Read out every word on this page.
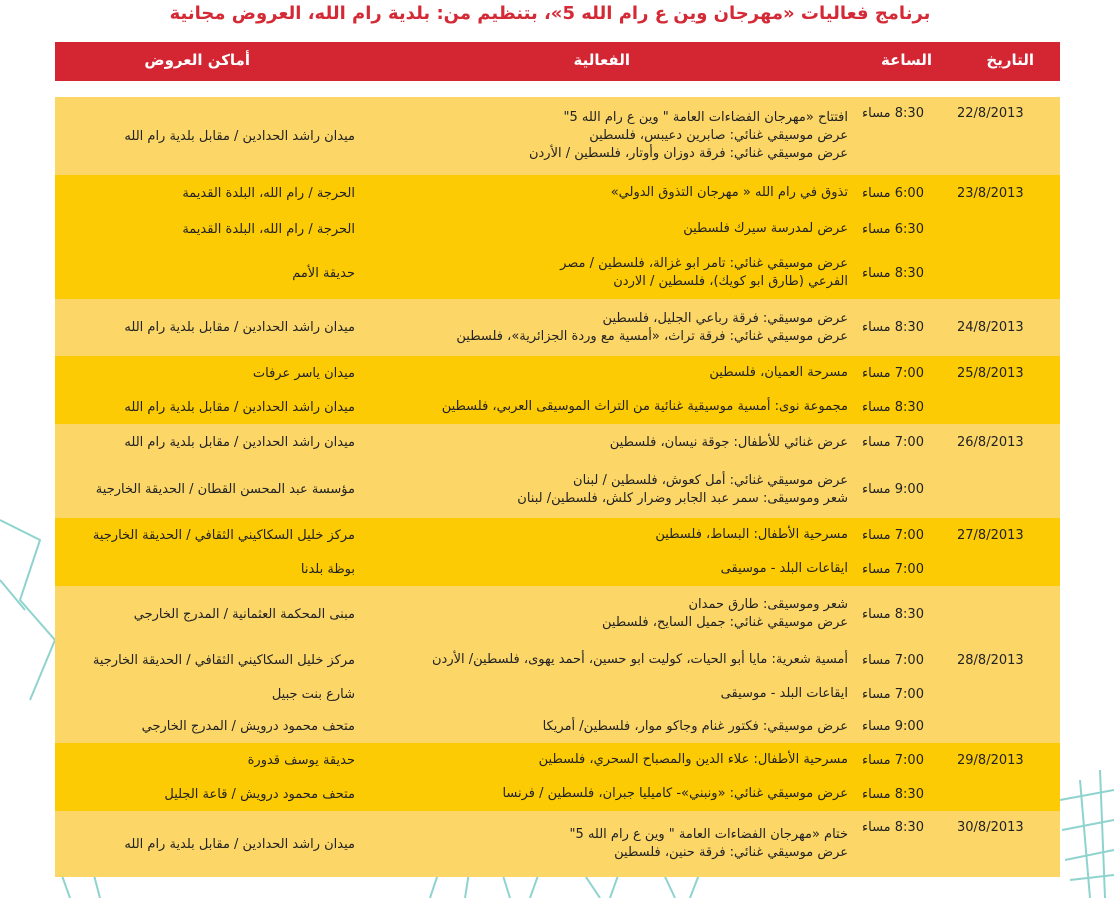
برنامج فعاليات «مهرجان وين ع رام الله 5»، بتنظيم من: بلدية رام الله، العروض مجانية
التاريخ
الساعة
الفعالية
أماكن العروض
22/8/2013
8:30 مساء
افتتاح «مهرجان الفضاءات العامة " وين ع رام الله 5"
عرض موسيقي غنائي: صابرين دعيبس، فلسطين
عرض موسيقي غنائي: فرقة دوزان وأوتار، فلسطين / الأردن
ميدان راشد الحدادين / مقابل بلدية رام الله
23/8/2013
6:00 مساء
تذوق في رام الله « مهرجان التذوق الدولي»
الحرجة / رام الله، البلدة القديمة
6:30 مساء
عرض لمدرسة سيرك فلسطين
الحرجة / رام الله، البلدة القديمة
8:30 مساء
عرض موسيقي غنائي: تامر ابو غزالة، فلسطين / مصر
الفرعي (طارق ابو كويك)، فلسطين / الاردن
حديقة الأمم
24/8/2013
8:30 مساء
عرض موسيقي: فرقة رباعي الجليل، فلسطين
عرض موسيقي غنائي: فرقة تراث، «أمسية مع وردة الجزائرية»، فلسطين
ميدان راشد الحدادين / مقابل بلدية رام الله
25/8/2013
7:00 مساء
مسرحة العميان، فلسطين
ميدان ياسر عرفات
8:30 مساء
مجموعة نوى: أمسية موسيقية غنائية من التراث الموسيقى العربي، فلسطين
ميدان راشد الحدادين / مقابل بلدية رام الله
26/8/2013
7:00 مساء
عرض غنائي للأطفال: جوقة نيسان، فلسطين
ميدان راشد الحدادين / مقابل بلدية رام الله
9:00 مساء
عرض موسيقي غنائي: أمل كعوش، فلسطين / لبنان
شعر وموسيقى: سمر عبد الجابر وضرار كلش، فلسطين/ لبنان
مؤسسة عبد المحسن القطان / الحديقة الخارجية
27/8/2013
7:00 مساء
مسرحية الأطفال: البساط، فلسطين
مركز خليل السكاكيني الثقافي / الحديقة الخارجية
7:00 مساء
ايقاعات البلد - موسيقى
بوظة بلدنا
8:30 مساء
شعر وموسيقى: طارق حمدان
عرض موسيقي غنائي: جميل السايح، فلسطين
مبنى المحكمة العثمانية / المدرج الخارجي
28/8/2013
7:00 مساء
أمسية شعرية: مايا أبو الحيات، كوليت ابو حسين، أحمد يهوى، فلسطين/ الأردن
مركز خليل السكاكيني الثقافي / الحديقة الخارجية
7:00 مساء
ايقاعات البلد - موسيقى
شارع بنت جبيل
9:00 مساء
عرض موسيقي: فكتور غنام وجاكو موار، فلسطين/ أمريكا
متحف محمود درويش / المدرج الخارجي
29/8/2013
7:00 مساء
مسرحية الأطفال: علاء الدين والمصباح السحري، فلسطين
حديقة يوسف قدورة
8:30 مساء
عرض موسيقي غنائي: «ونبني»- كاميليا جبران، فلسطين / فرنسا
متحف محمود درويش / قاعة الجليل
30/8/2013
8:30 مساء
ختام «مهرجان الفضاءات العامة " وين ع رام الله 5"
عرض موسيقي غنائي: فرقة حنين، فلسطين
ميدان راشد الحدادين / مقابل بلدية رام الله
